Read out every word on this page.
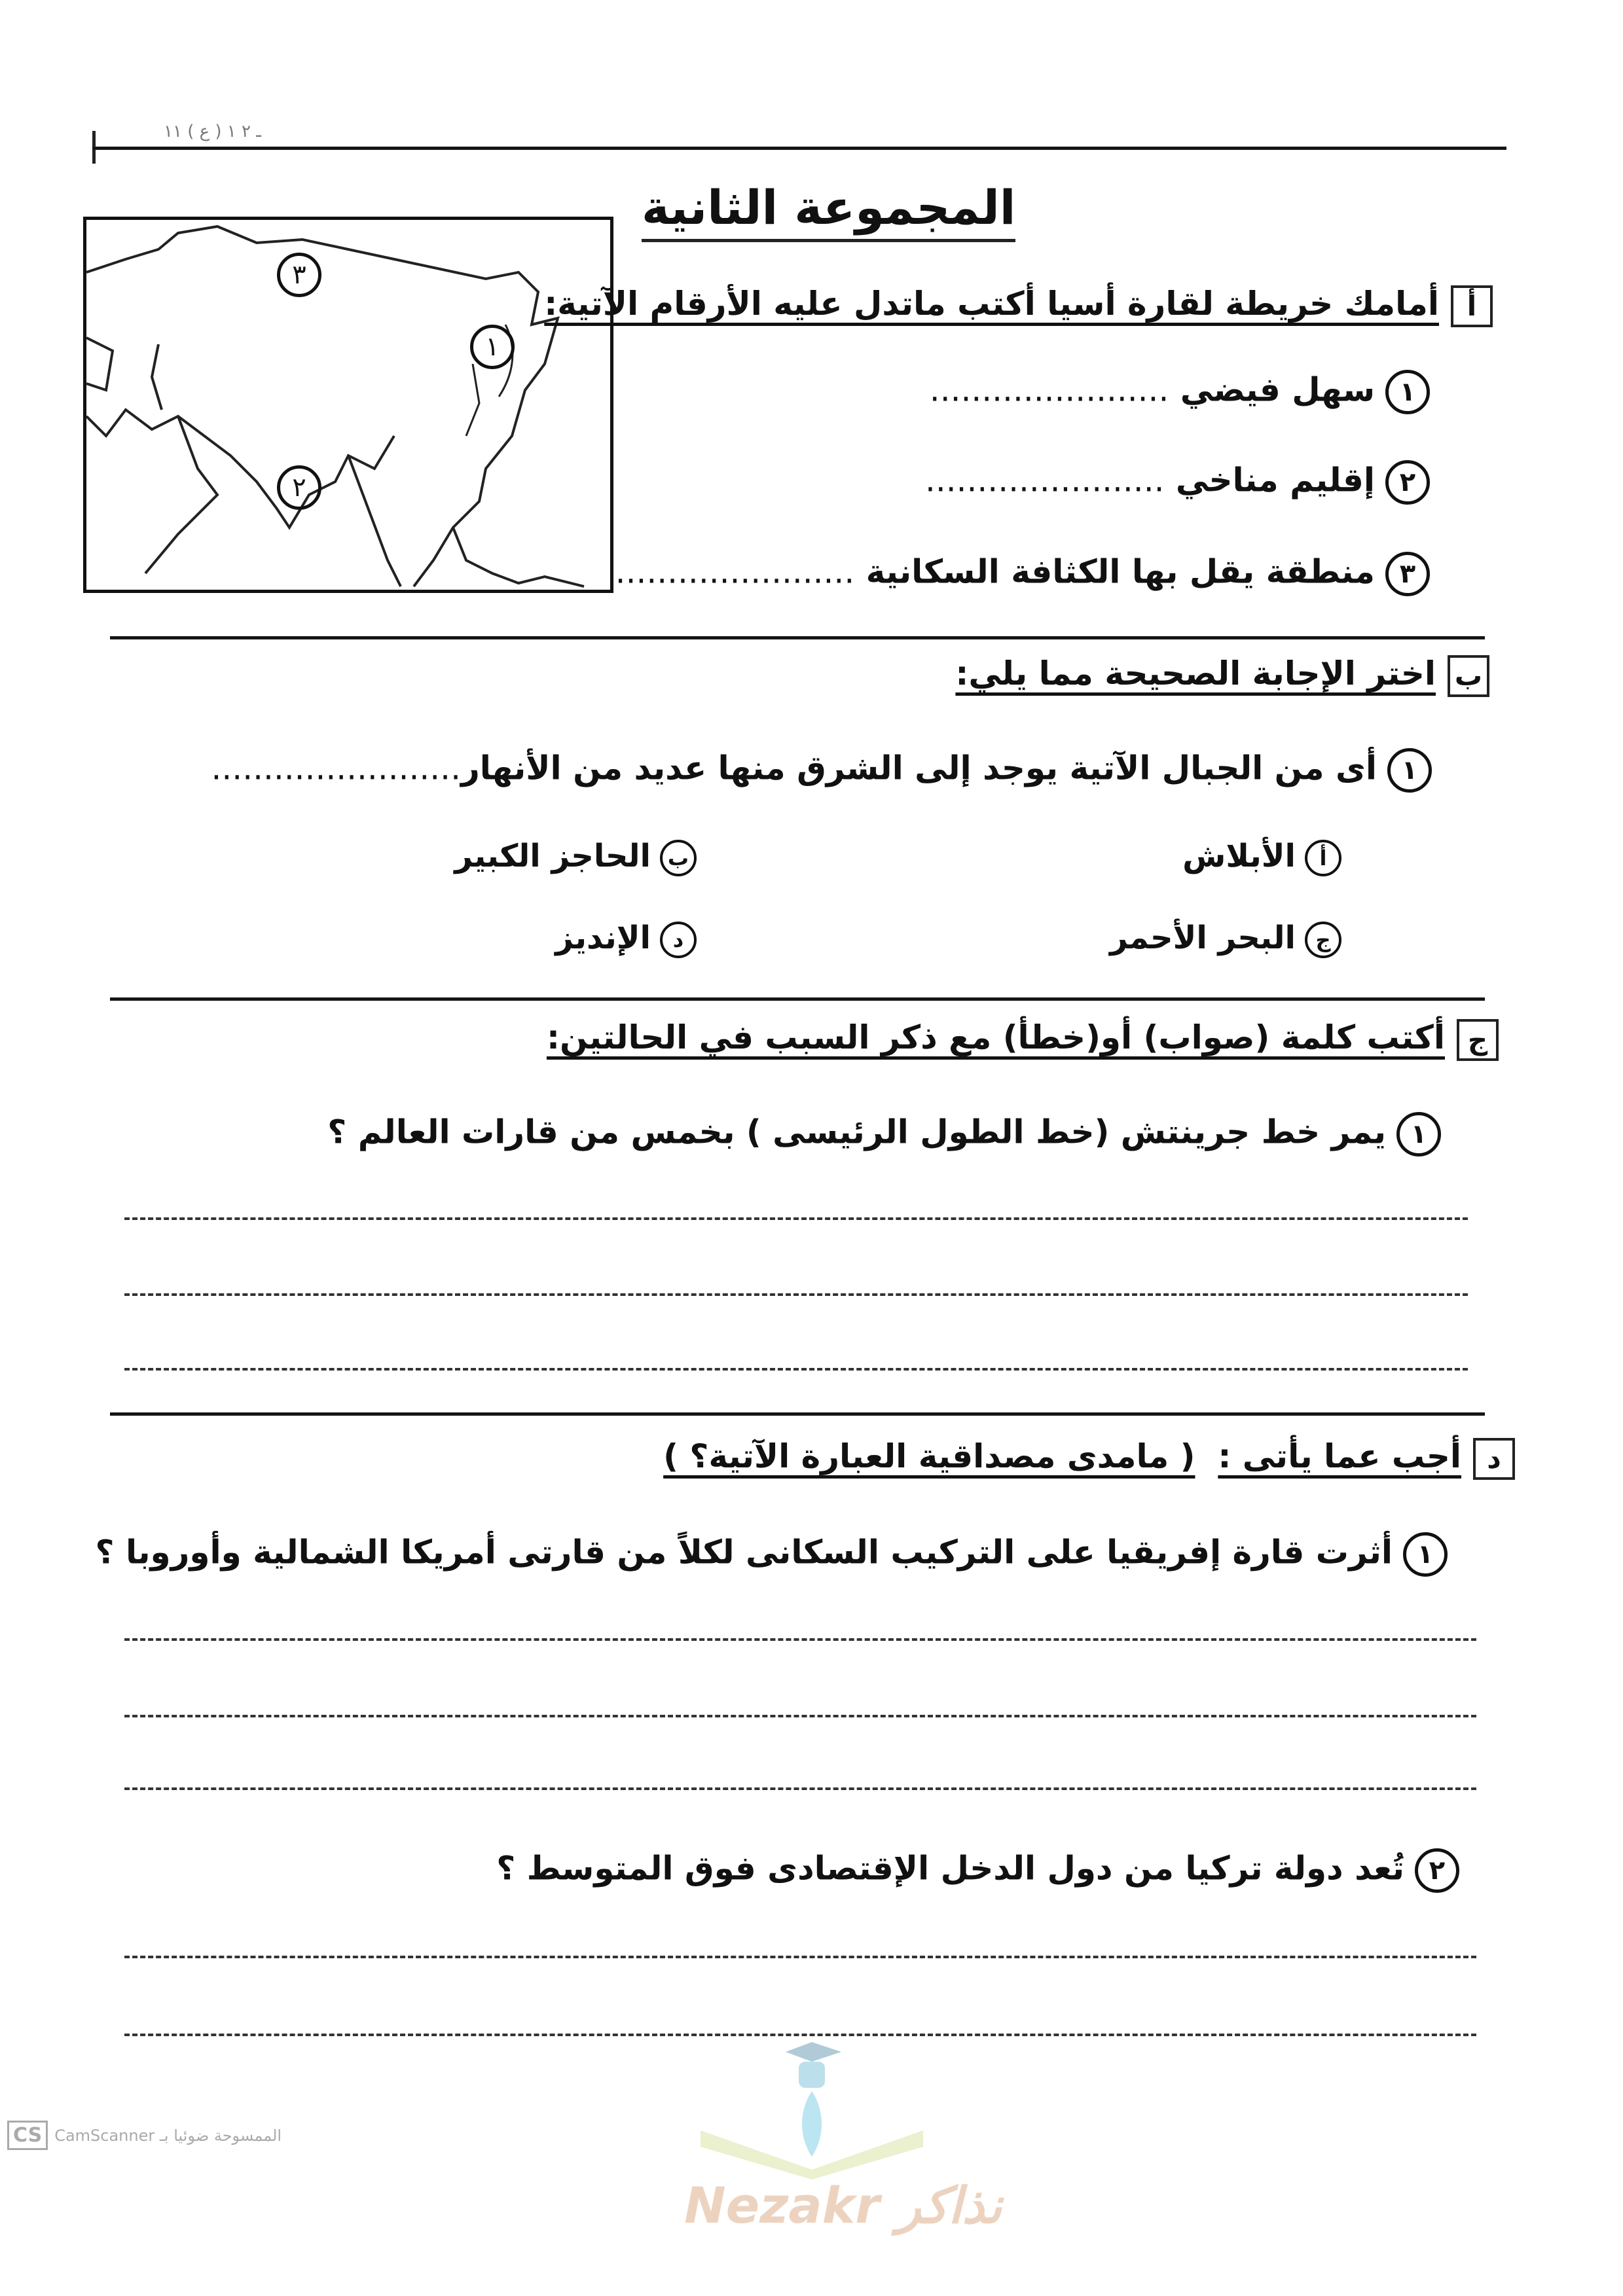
ـ ٢ ١ ( ع ) ١١
المجموعة الثانية
٣
١
٢
أأمامك خريطة لقارة أسيا أكتب ماتدل عليه الأرقام الآتية:
١سهل فيضي .......................
٢إقليم مناخي .......................
٣منطقة يقل بها الكثافة السكانية .......................
باختر الإجابة الصحيحة مما يلي:
١أى من الجبال الآتية يوجد إلى الشرق منها عديد من الأنهار........................
أالأبلاش
بالحاجز الكبير
جالبحر الأحمر
دالإنديز
جأكتب كلمة (صواب) أو(خطأ) مع ذكر السبب في الحالتين:
١يمر خط جرينتش (خط الطول الرئيسى ) بخمس من قارات العالم ؟
دأجب عما يأتى :  ( مامدى مصداقية العبارة الآتية؟ )
١أثرت قارة إفريقيا على التركيب السكانى لكلاً من قارتى أمريكا الشمالية وأوروبا ؟
٢تُعد دولة تركيا من دول الدخل الإقتصادى فوق المتوسط ؟
Nezakr نذاكر
CS CamScanner الممسوحة ضوئيا بـ
